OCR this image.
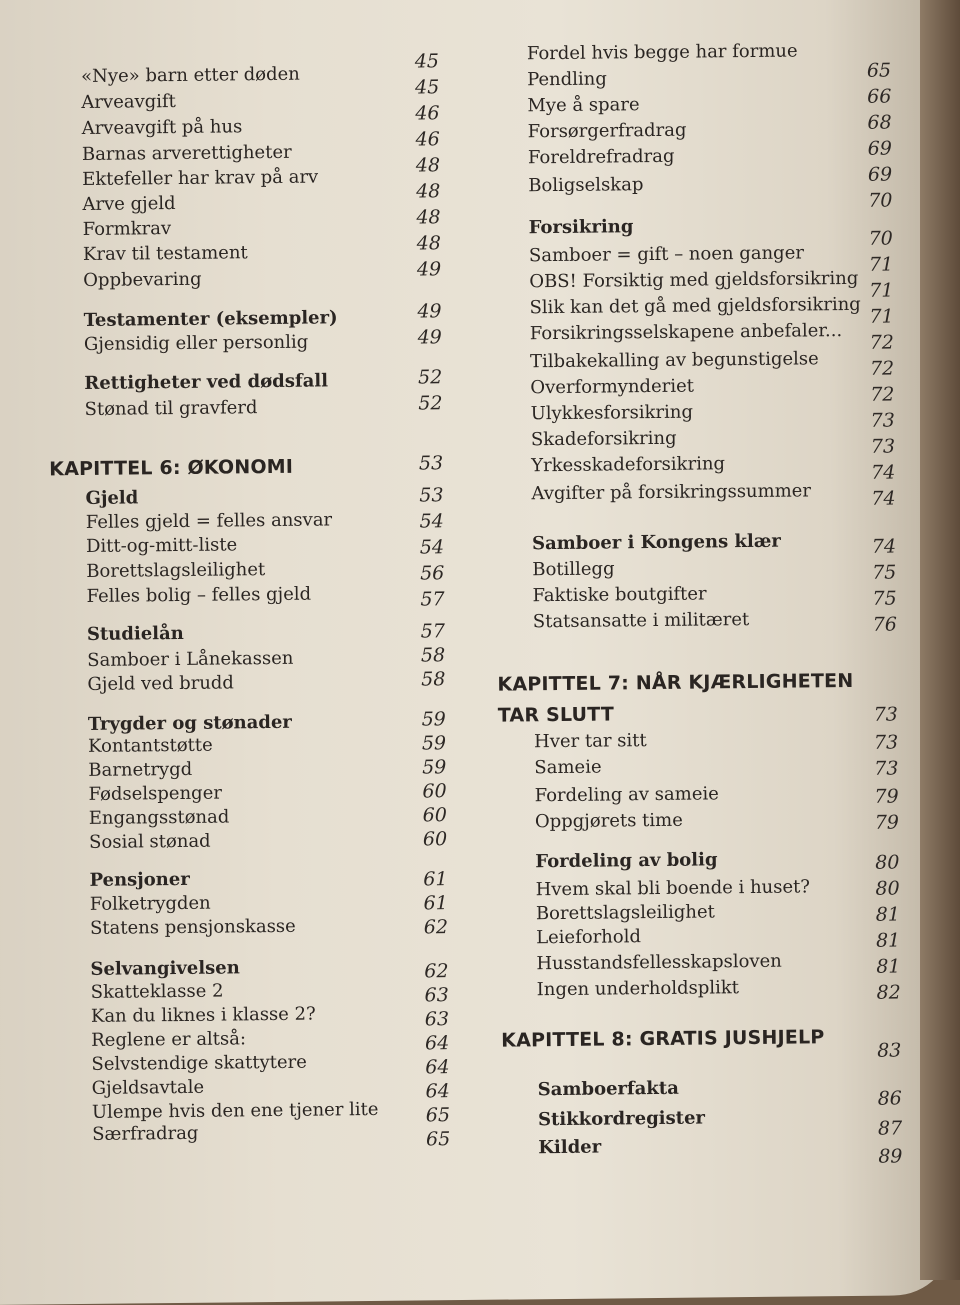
«Nye» barn etter døden
Arveavgift
Arveavgift på hus
Barnas arverettigheter
Ektefeller har krav på arv
Arve gjeld
Formkrav
Krav til testament
Oppbevaring
Testamenter (eksempler)
Gjensidig eller personlig
Rettigheter ved dødsfall
Stønad til gravferd
KAPITTEL 6: ØKONOMI
Gjeld
Felles gjeld = felles ansvar
Ditt-og-mitt-liste
Borettslagsleilighet
Felles bolig – felles gjeld
Studielån
Samboer i Lånekassen
Gjeld ved brudd
Trygder og stønader
Kontantstøtte
Barnetrygd
Fødselspenger
Engangsstønad
Sosial stønad
Pensjoner
Folketrygden
Statens pensjonskasse
Selvangivelsen
Skatteklasse 2
Kan du liknes i klasse 2?
Reglene er altså:
Selvstendige skattytere
Gjeldsavtale
Ulempe hvis den ene tjener lite
Særfradrag
45
45
46
46
48
48
48
48
49
49
49
52
52
53
53
54
54
56
57
57
58
58
59
59
59
60
60
60
61
61
62
62
63
63
64
64
64
65
65
Fordel hvis begge har formue
Pendling
Mye å spare
Forsørgerfradrag
Foreldrefradrag
Boligselskap
Forsikring
Samboer = gift – noen ganger
OBS! Forsiktig med gjeldsforsikring
Slik kan det gå med gjeldsforsikring
Forsikringsselskapene anbefaler...
Tilbakekalling av begunstigelse
Overformynderiet
Ulykkesforsikring
Skadeforsikring
Yrkesskadeforsikring
Avgifter på forsikringssummer
Samboer i Kongens klær
Botillegg
Faktiske boutgifter
Statsansatte i militæret
KAPITTEL 7: NÅR KJÆRLIGHETEN TAR SLUTT
Hver tar sitt
Sameie
Fordeling av sameie
Oppgjørets time
Fordeling av bolig
Hvem skal bli boende i huset?
Borettslagsleilighet
Leieforhold
Husstandsfellesskapsloven
Ingen underholdsplikt
KAPITTEL 8: GRATIS JUSHJELP
Samboerfakta
Stikkordregister
Kilder
65
66
68
69
69
70
70
71
71
71
72
72
72
73
73
74
74
74
75
75
76
73
73
73
79
79
80
80
81
81
81
82
83
86
87
89
